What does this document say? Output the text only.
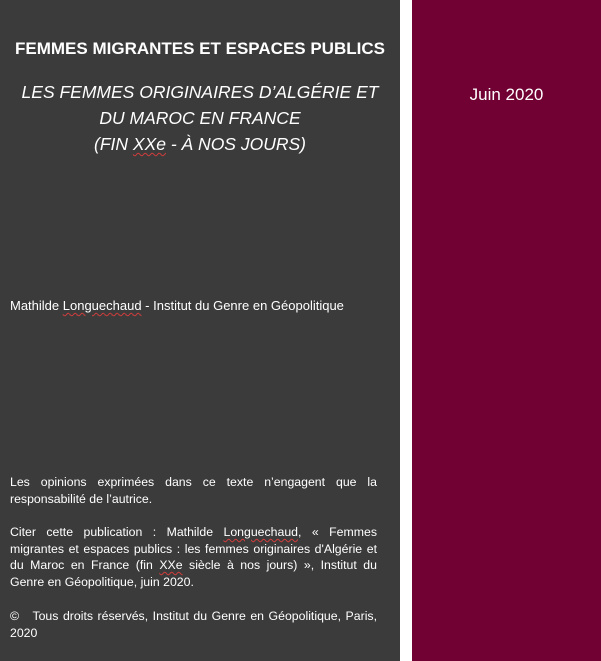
FEMMES MIGRANTES ET ESPACES PUBLICS
LES FEMMES ORIGINAIRES D’ALGÉRIE ET
DU MAROC EN FRANCE
(FIN XXe - À NOS JOURS)
Mathilde Longuechaud - Institut du Genre en Géopolitique
Les opinions exprimées dans ce texte n’engagent que la responsabilité de l’autrice.
Citer cette publication : Mathilde Longuechaud, « Femmes migrantes et espaces publics : les femmes originaires d'Algérie et du Maroc en France (fin XXe siècle à nos jours) », Institut du Genre en Géopolitique, juin 2020.
©   Tous droits réservés, Institut du Genre en Géopolitique, Paris, 2020
Juin 2020
